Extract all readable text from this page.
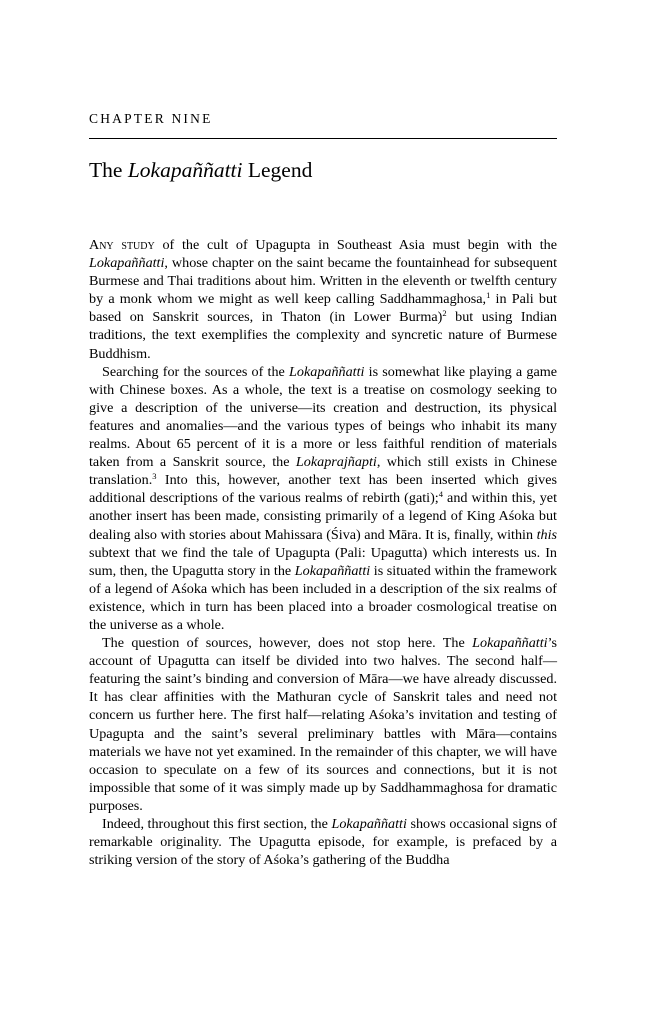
CHAPTER NINE
The Lokapaññatti Legend

Any study of the cult of Upagupta in Southeast Asia must begin with the Lokapaññatti, whose chapter on the saint became the fountainhead for subsequent Burmese and Thai traditions about him. Written in the eleventh or twelfth century by a monk whom we might as well keep calling Saddhammaghosa,$^1$ in Pali but based on Sanskrit sources, in Thaton (in Lower Burma)$^2$ but using Indian traditions, the text exemplifies the complexity and syncretic nature of Burmese Buddhism.

Searching for the sources of the Lokapaññatti is somewhat like playing a game with Chinese boxes. As a whole, the text is a treatise on cosmology seeking to give a description of the universe—its creation and destruction, its physical features and anomalies—and the various types of beings who inhabit its many realms. About 65 percent of it is a more or less faithful rendition of materials taken from a Sanskrit source, the Lokaprajñapti, which still exists in Chinese translation.$^3$ Into this, however, another text has been inserted which gives additional descriptions of the various realms of rebirth (gati);$^4$ and within this, yet another insert has been made, consisting primarily of a legend of King Aśoka but dealing also with stories about Mahissara (Śiva) and Māra. It is, finally, within this subtext that we find the tale of Upagupta (Pali: Upagutta) which interests us. In sum, then, the Upagutta story in the Lokapaññatti is situated within the framework of a legend of Aśoka which has been included in a description of the six realms of existence, which in turn has been placed into a broader cosmological treatise on the universe as a whole.

The question of sources, however, does not stop here. The Lokapaññatti’s account of Upagutta can itself be divided into two halves. The second half—featuring the saint’s binding and conversion of Māra—we have already discussed. It has clear affinities with the Mathuran cycle of Sanskrit tales and need not concern us further here. The first half—relating Aśoka’s invitation and testing of Upagupta and the saint’s several preliminary battles with Māra—contains materials we have not yet examined. In the remainder of this chapter, we will have occasion to speculate on a few of its sources and connections, but it is not impossible that some of it was simply made up by Saddhammaghosa for dramatic purposes.

Indeed, throughout this first section, the Lokapaññatti shows occasional signs of remarkable originality. The Upagutta episode, for example, is prefaced by a striking version of the story of Aśoka’s gathering of the Buddha
